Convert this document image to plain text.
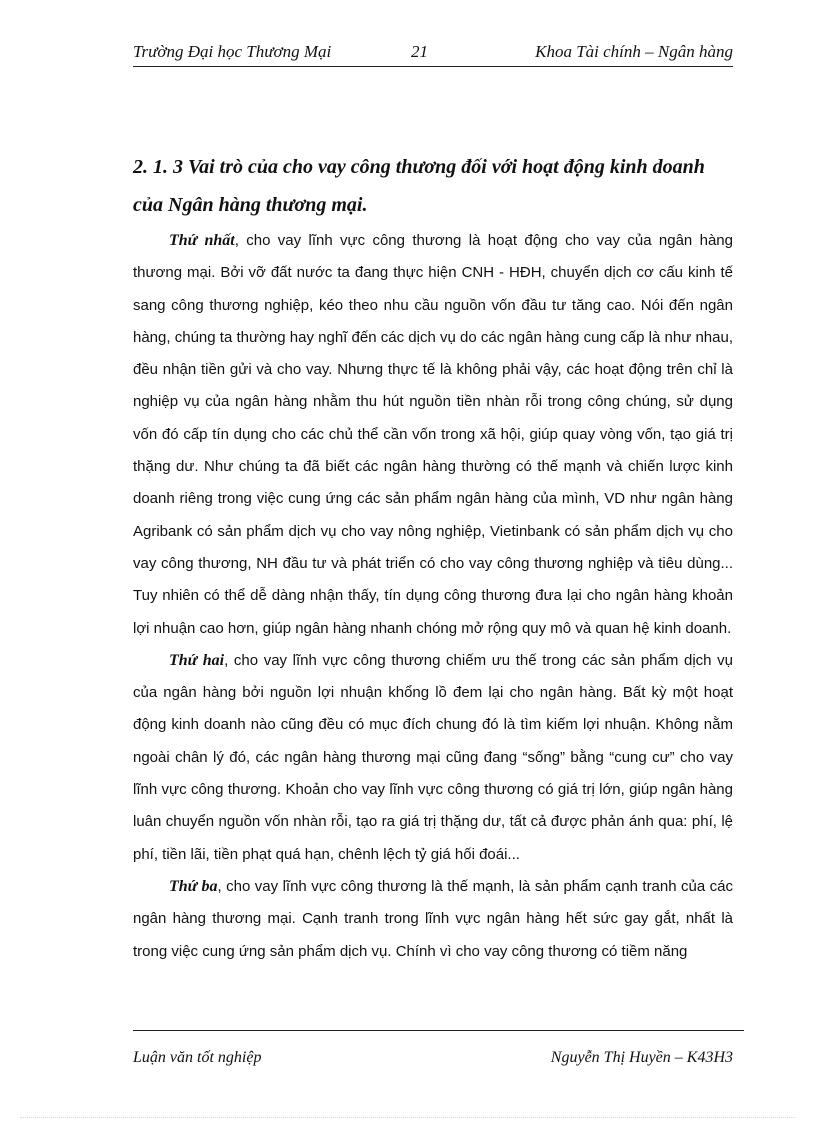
Trường Đại học Thương Mại	21	Khoa Tài chính – Ngân hàng
2. 1. 3 Vai trò của cho vay công thương đối với hoạt động kinh doanh của Ngân hàng thương mại.

Thứ nhất, cho vay lĩnh vực công thương là hoạt động cho vay của ngân hàng thương mại. Bởi vỡ đất nước ta đang thực hiện CNH - HĐH, chuyển dịch cơ cấu kinh tế sang công thương nghiệp, kéo theo nhu cầu nguồn vốn đầu tư tăng cao. Nói đến ngân hàng, chúng ta thường hay nghĩ đến các dịch vụ do các ngân hàng cung cấp là như nhau, đều nhận tiền gửi và cho vay. Nhưng thực tế là không phải vậy, các hoạt động trên chỉ là nghiệp vụ của ngân hàng nhằm thu hút nguồn tiền nhàn rỗi trong công chúng, sử dụng vốn đó cấp tín dụng cho các chủ thể cần vốn trong xã hội, giúp quay vòng vốn, tạo giá trị thặng dư. Như chúng ta đã biết các ngân hàng thường có thế mạnh và chiến lược kinh doanh riêng trong việc cung ứng các sản phẩm ngân hàng của mình, VD như ngân hàng Agribank có sản phẩm dịch vụ cho vay nông nghiệp, Vietinbank có sản phẩm dịch vụ cho vay công thương, NH đầu tư và phát triển có cho vay công thương nghiệp và tiêu dùng... Tuy nhiên có thể dễ dàng nhận thấy, tín dụng công thương đưa lại cho ngân hàng khoản lợi nhuận cao hơn, giúp ngân hàng nhanh chóng mở rộng quy mô và quan hệ kinh doanh.

Thứ hai, cho vay lĩnh vực công thương chiếm ưu thế trong các sản phẩm dịch vụ của ngân hàng bởi nguồn lợi nhuận khổng lồ đem lại cho ngân hàng. Bất kỳ một hoạt động kinh doanh nào cũng đều có mục đích chung đó là tìm kiếm lợi nhuận. Không nằm ngoài chân lý đó, các ngân hàng thương mại cũng đang “sống” bằng “cung cư” cho vay lĩnh vực công thương. Khoản cho vay lĩnh vực công thương có giá trị lớn, giúp ngân hàng luân chuyển nguồn vốn nhàn rỗi, tạo ra giá trị thặng dư, tất cả được phản ánh qua: phí, lệ phí, tiền lãi, tiền phạt quá hạn, chênh lệch tỷ giá hối đoái...

Thứ ba, cho vay lĩnh vực công thương là thế mạnh, là sản phẩm cạnh tranh của các ngân hàng thương mại. Cạnh tranh trong lĩnh vực ngân hàng hết sức gay gắt, nhất là trong việc cung ứng sản phẩm dịch vụ. Chính vì cho vay công thương có tiềm năng

Luận văn tốt nghiệp	Nguyễn Thị Huyền – K43H3
